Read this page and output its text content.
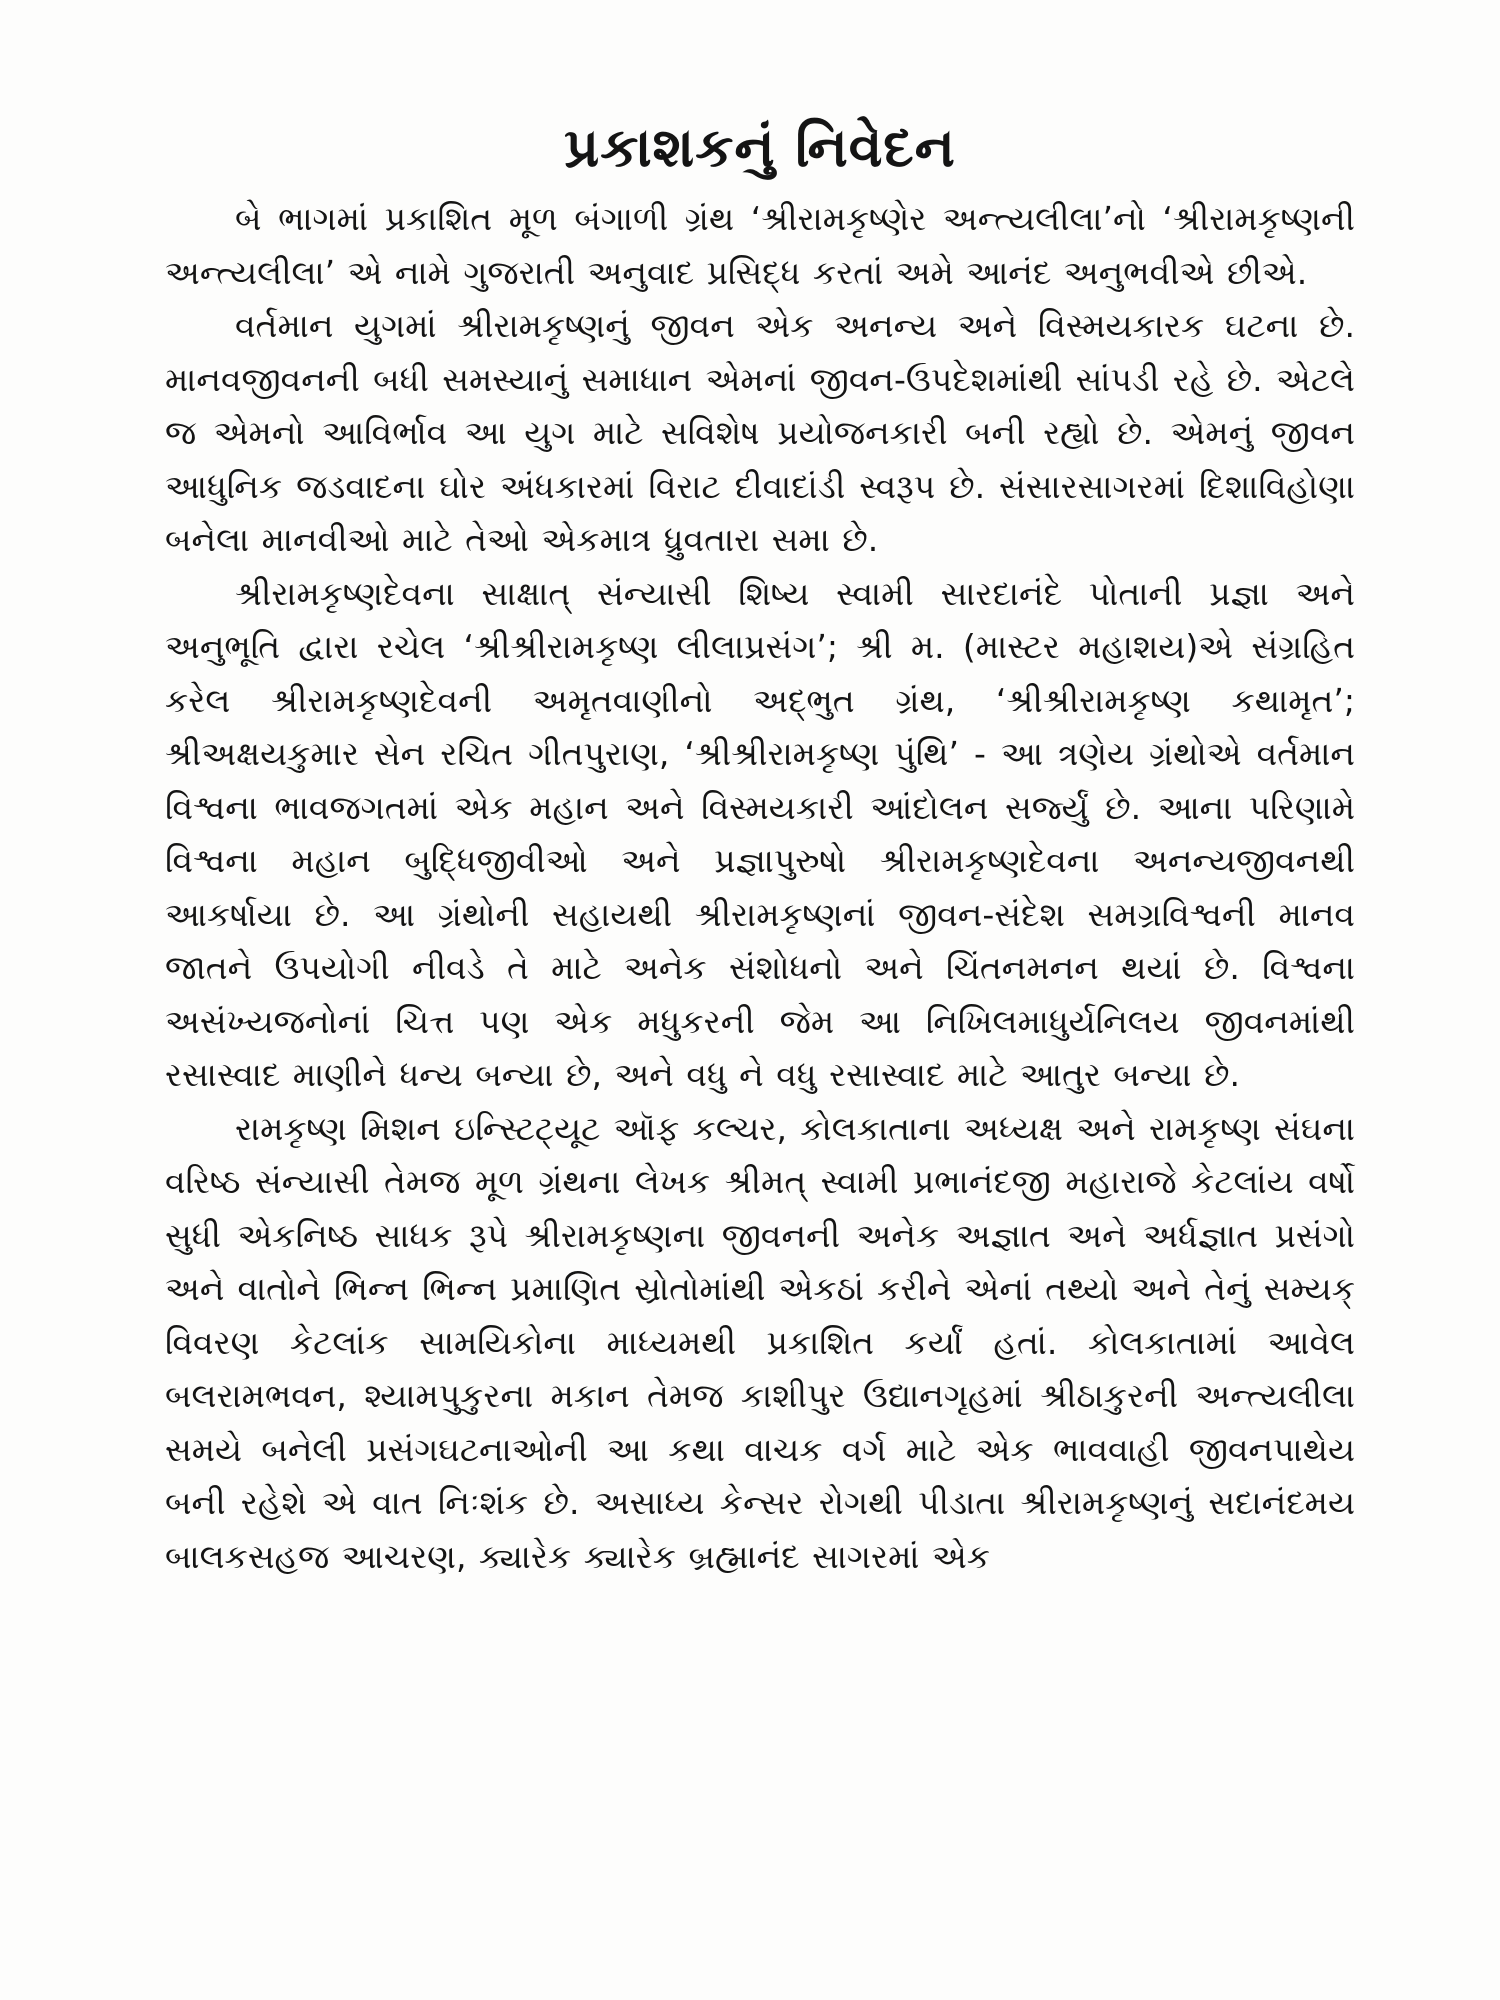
પ્રકાશકનું નિવેદન

બે ભાગમાં પ્રકાશિત મૂળ બંગાળી ગ્રંથ ‘શ્રીરામકૃષ્ણેર અન્ત્યલીલા’નો ‘શ્રીરામકૃષ્ણની અન્ત્યલીલા’ એ નામે ગુજરાતી અનુવાદ પ્રસિદ્ધ કરતાં અમે આનંદ અનુભવીએ છીએ.

વર્તમાન યુગમાં શ્રીરામકૃષ્ણનું જીવન એક અનન્ય અને વિસ્મયકારક ઘટના છે. માનવજીવનની બધી સમસ્યાનું સમાધાન એમનાં જીવન-ઉપદેશમાંથી સાંપડી રહે છે. એટલે જ એમનો આવિર્ભાવ આ યુગ માટે સવિશેષ પ્રયોજનકારી બની રહ્યો છે. એમનું જીવન આધુનિક જડવાદના ઘોર અંધકારમાં વિરાટ દીવાદાંડી સ્વરૂપ છે. સંસારસાગરમાં દિશાવિહોણા બનેલા માનવીઓ માટે તેઓ એકમાત્ર ધ્રુવતારા સમા છે.

શ્રીરામકૃષ્ણદેવના સાક્ષાત્ સંન્યાસી શિષ્ય સ્વામી સારદાનંદે પોતાની પ્રજ્ઞા અને અનુભૂતિ દ્વારા રચેલ ‘શ્રીશ્રીરામકૃષ્ણ લીલાપ્રસંગ’; શ્રી મ. (માસ્ટર મહાશય)એ સંગ્રહિત કરેલ શ્રીરામકૃષ્ણદેવની અમૃતવાણીનો અદ્ભુત ગ્રંથ, ‘શ્રીશ્રીરામકૃષ્ણ કથામૃત’; શ્રીઅક્ષયકુમાર સેન રચિત ગીતપુરાણ, ‘શ્રીશ્રીરામકૃષ્ણ પુંથિ’ - આ ત્રણેય ગ્રંથોએ વર્તમાન વિશ્વના ભાવજગતમાં એક મહાન અને વિસ્મયકારી આંદોલન સર્જ્યું છે. આના પરિણામે વિશ્વના મહાન બુદ્ધિજીવીઓ અને પ્રજ્ઞાપુરુષો શ્રીરામકૃષ્ણદેવના અનન્યજીવનથી આકર્ષાયા છે. આ ગ્રંથોની સહાયથી શ્રીરામકૃષ્ણનાં જીવન-સંદેશ સમગ્રવિશ્વની માનવ જાતને ઉપયોગી નીવડે તે માટે અનેક સંશોધનો અને ચિંતનમનન થયાં છે. વિશ્વના અસંખ્યજનોનાં ચિત્ત પણ એક મધુકરની જેમ આ નિખિલમાધુર્યનિલય જીવનમાંથી રસાસ્વાદ માણીને ધન્ય બન્યા છે, અને વધુ ને વધુ રસાસ્વાદ માટે આતુર બન્યા છે.

રામકૃષ્ણ મિશન ઇન્સ્ટિટ્યૂટ ઑફ કલ્ચર, કોલકાતાના અધ્યક્ષ અને રામકૃષ્ણ સંઘના વરિષ્ઠ સંન્યાસી તેમજ મૂળ ગ્રંથના લેખક શ્રીમત્ સ્વામી પ્રભાનંદજી મહારાજે કેટલાંય વર્ષો સુધી એકનિષ્ઠ સાધક રૂપે શ્રીરામકૃષ્ણના જીવનની અનેક અજ્ઞાત અને અર્ધજ્ઞાત પ્રસંગો અને વાતોને ભિન્ન ભિન્ન પ્રમાણિત સ્રોતોમાંથી એકઠાં કરીને એનાં તથ્યો અને તેનું સમ્યક્ વિવરણ કેટલાંક સામયિકોના માધ્યમથી પ્રકાશિત કર્યાં હતાં. કોલકાતામાં આવેલ બલરામભવન, શ્યામપુકુરના મકાન તેમજ કાશીપુર ઉદ્યાનગૃહમાં શ્રીઠાકુરની અન્ત્યલીલા સમયે બનેલી પ્રસંગઘટનાઓની આ કથા વાચક વર્ગ માટે એક ભાવવાહી જીવનપાથેય બની રહેશે એ વાત નિઃશંક છે. અસાધ્ય કેન્સર રોગથી પીડાતા શ્રીરામકૃષ્ણનું સદાનંદમય બાલકસહજ આચરણ, ક્યારેક ક્યારેક બ્રહ્માનંદ સાગરમાં એક
